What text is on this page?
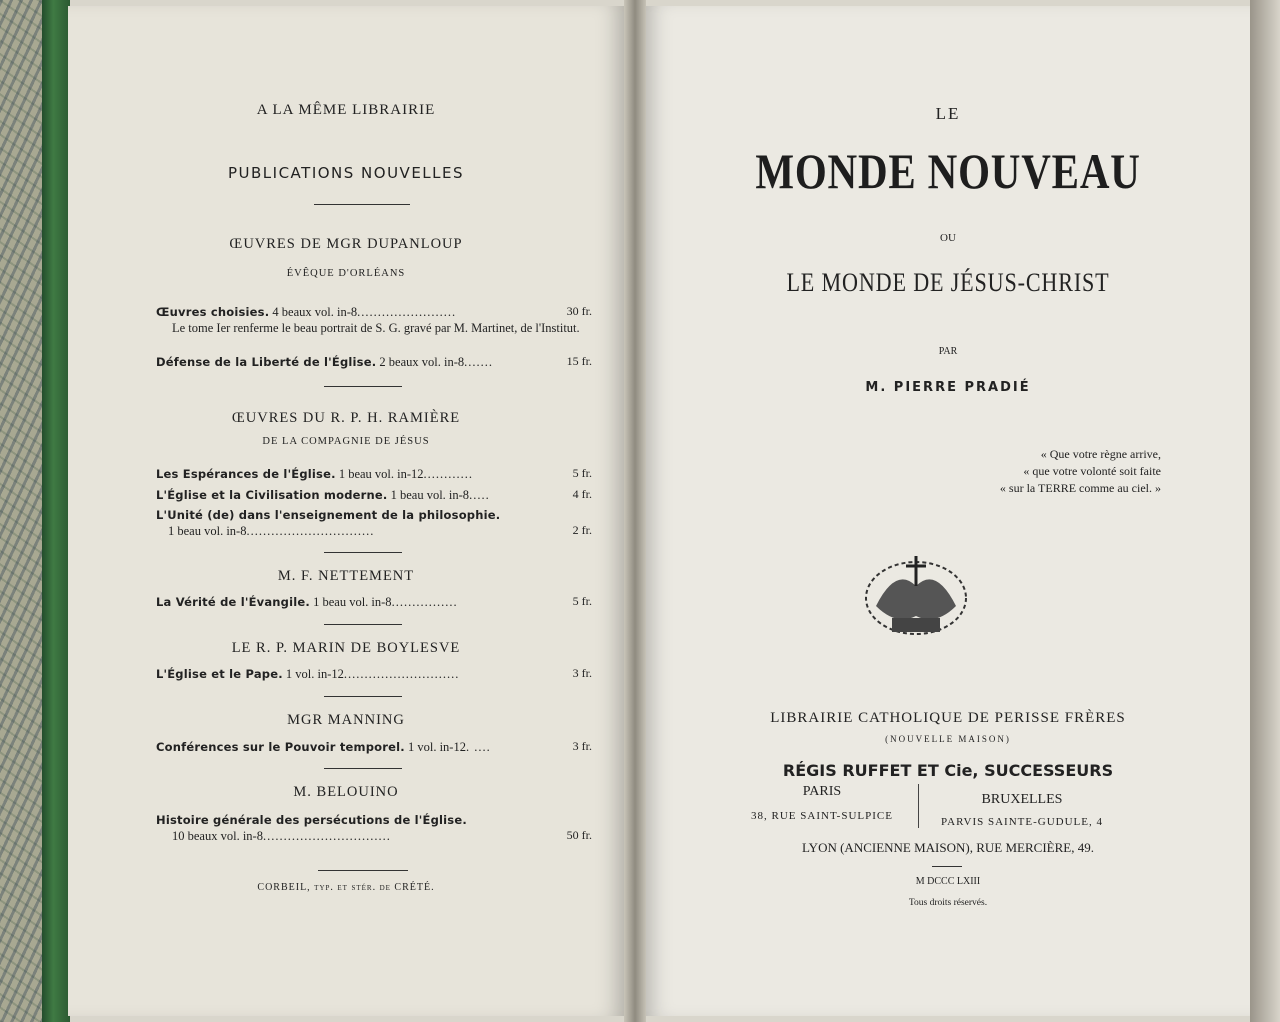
A LA MÊME LIBRAIRIE
PUBLICATIONS NOUVELLES
ŒUVRES DE MGR DUPANLOUP
ÉVÊQUE D'ORLÉANS
Œuvres choisies. 4 beaux vol. in-8........................	30 fr.
Le tome Ier renferme le beau portrait de S. G. gravé par M. Martinet, de l'Institut.
Défense de la Liberté de l'Église. 2 beaux vol. in-8.......	15 fr.
ŒUVRES DU R. P. H. RAMIÈRE
DE LA COMPAGNIE DE JÉSUS
Les Espérances de l'Église. 1 beau vol. in-12............	5 fr.
L'Église et la Civilisation moderne. 1 beau vol. in-8.....	4 fr.
L'Unité (de) dans l'enseignement de la philosophie.
1 beau vol. in-8...............................	2 fr.
M. F. NETTEMENT
La Vérité de l'Évangile. 1 beau vol. in-8................	5 fr.
LE R. P. MARIN DE BOYLESVE
L'Église et le Pape. 1 vol. in-12............................	3 fr.
MGR MANNING
Conférences sur le Pouvoir temporel. 1 vol. in-12. ....	3 fr.
M. BELOUINO
Histoire générale des persécutions de l'Église.
10 beaux vol. in-8...............................	50 fr.
CORBEIL, typ. et stér. de CRÉTÉ.
LE
MONDE NOUVEAU
OU
LE MONDE DE JÉSUS-CHRIST
PAR
M. PIERRE PRADIÉ
« Que votre règne arrive,
« que votre volonté soit faite
« sur la TERRE comme au ciel. »
LIBRAIRIE CATHOLIQUE DE PERISSE FRÈRES
(NOUVELLE MAISON)
RÉGIS RUFFET ET Cie, SUCCESSEURS
PARIS
38, RUE SAINT-SULPICE
BRUXELLES
PARVIS SAINTE-GUDULE, 4
LYON (ANCIENNE MAISON), RUE MERCIÈRE, 49.
M DCCC LXIII
Tous droits réservés.
